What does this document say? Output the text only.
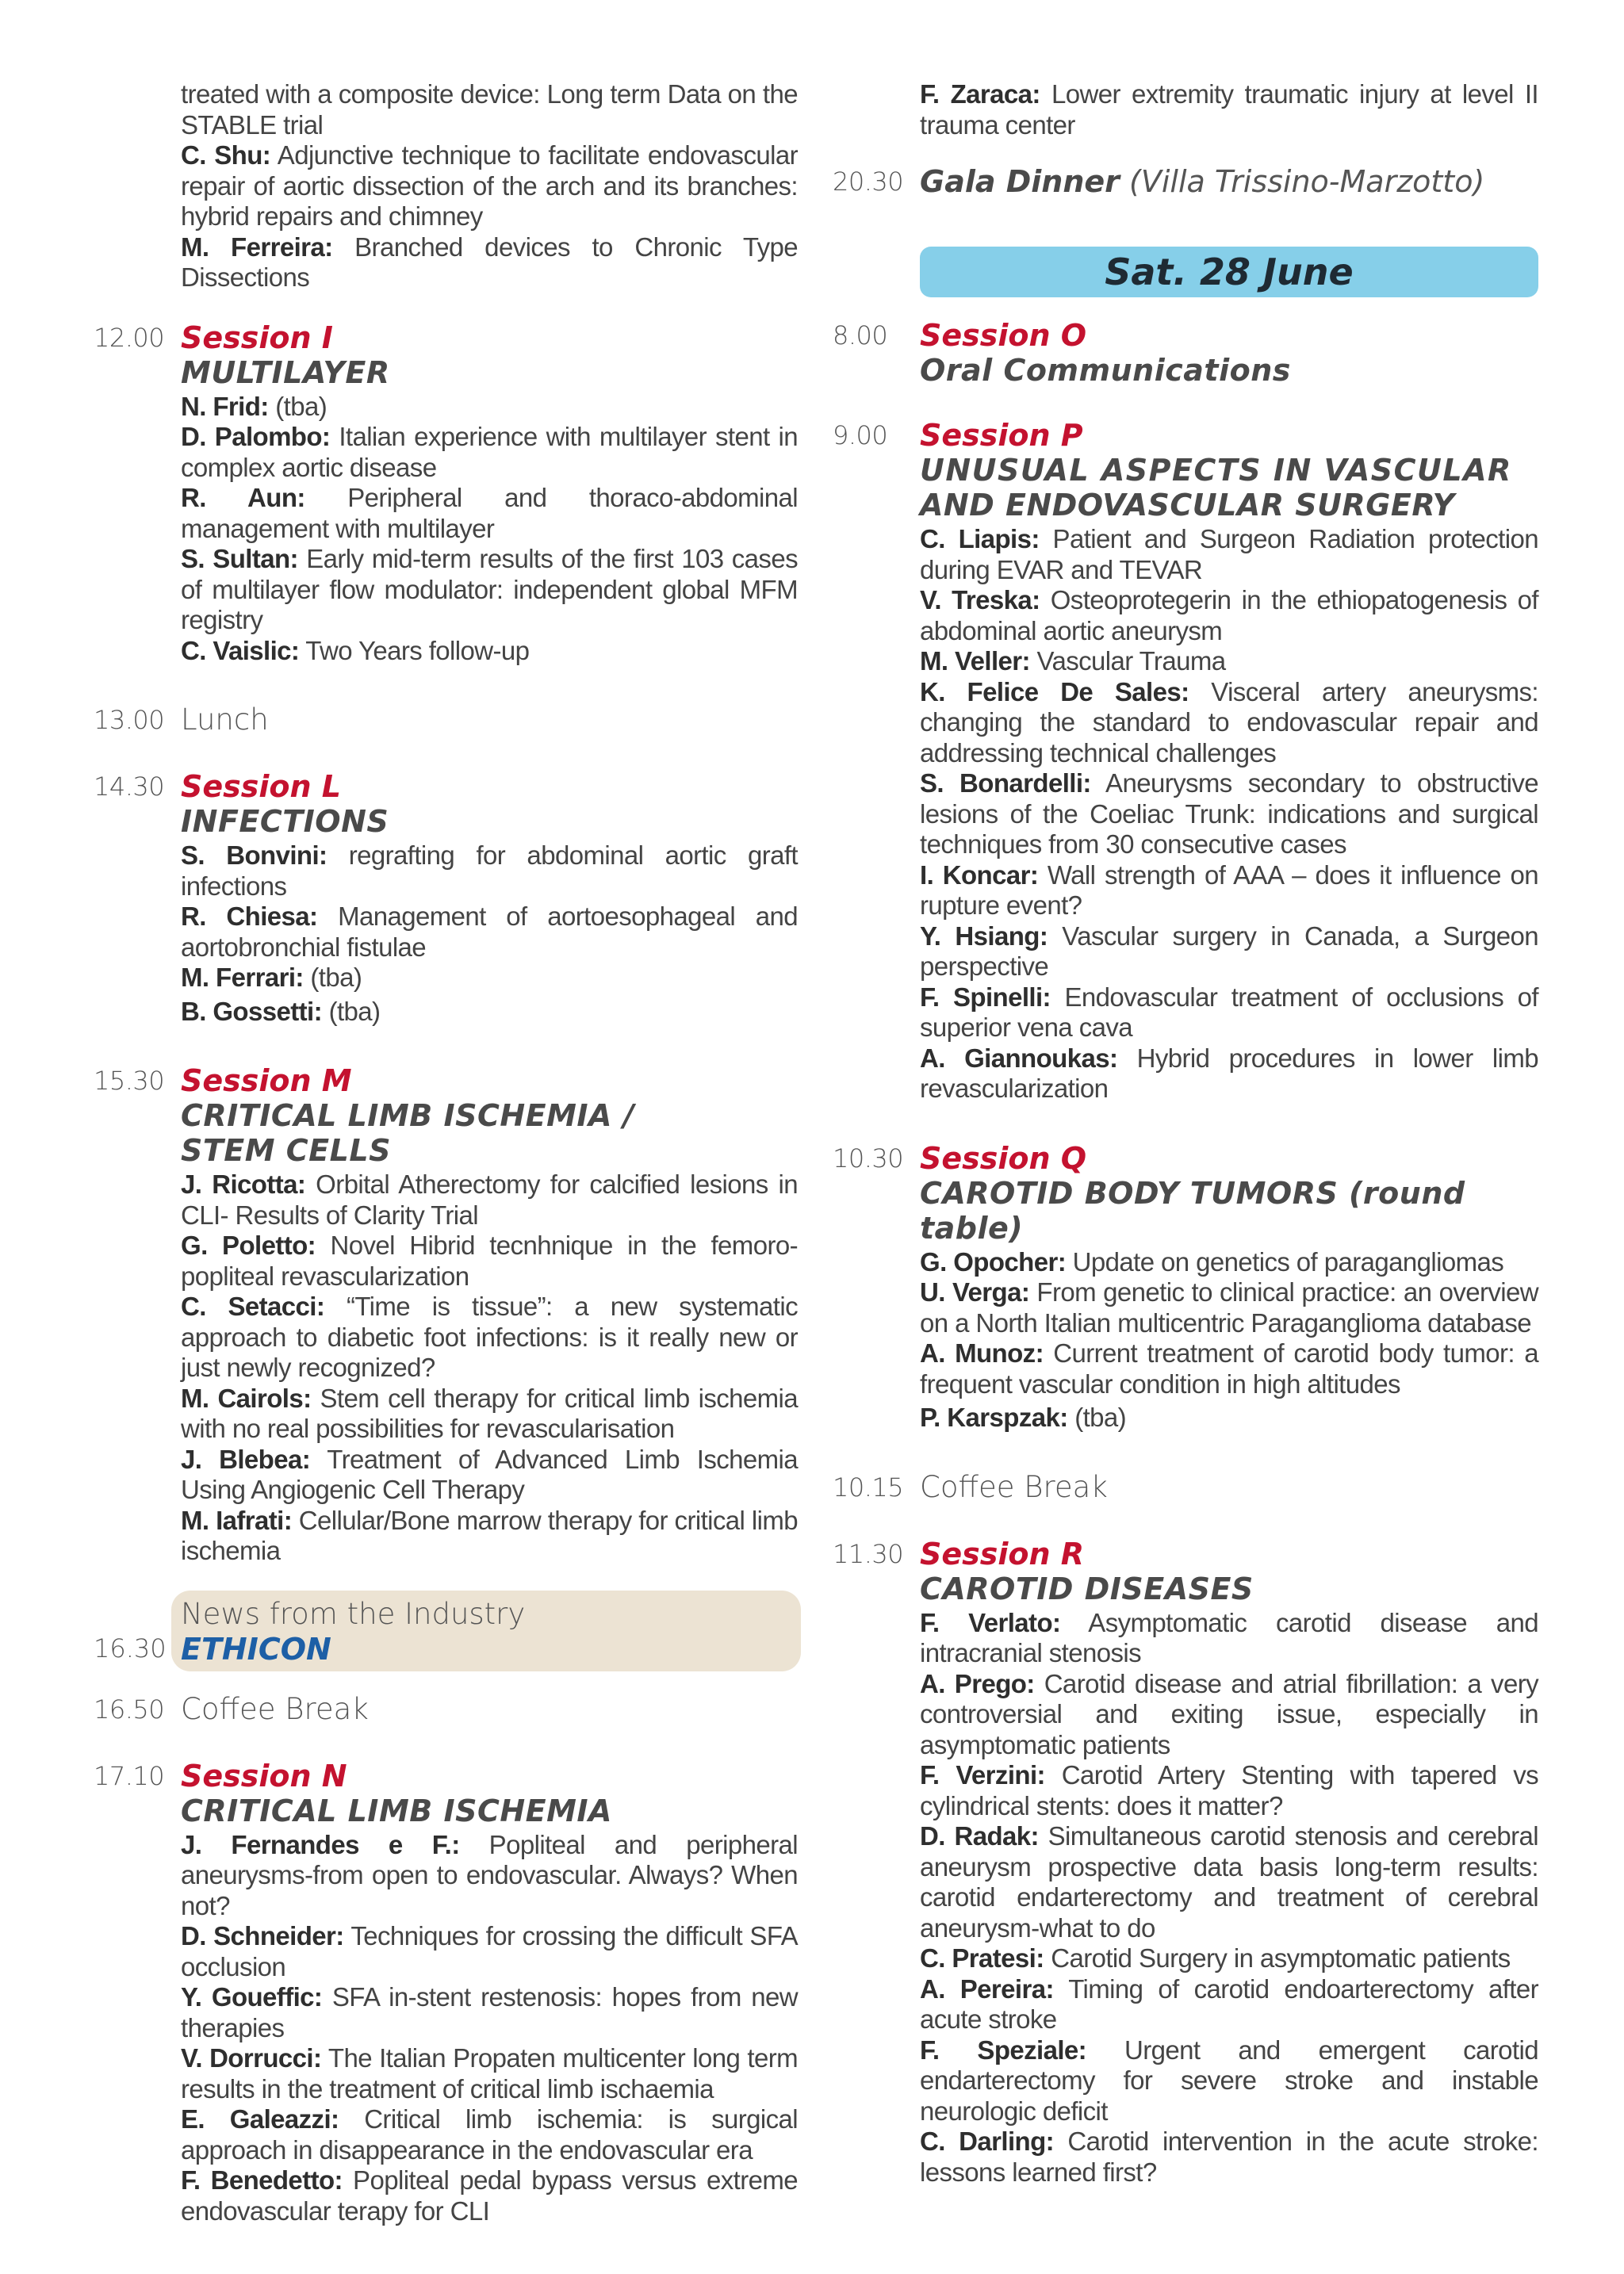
treated with a composite device: Long term Data on the STABLE trial
C. Shu: Adjunctive technique to facilitate endovascular repair of aortic dissection of the arch and its branches: hybrid repairs and chimney
M. Ferreira: Branched devices to Chronic Type Dissections
12.00 Session I
MULTILAYER
N. Frid: (tba)
D. Palombo: Italian experience with multilayer stent in complex aortic disease
R. Aun: Peripheral and thoraco-abdominal management with multilayer
S. Sultan: Early mid-term results of the first 103 cases of multilayer flow modulator: independent global MFM registry
C. Vaislic: Two Years follow-up
13.00 Lunch
14.30 Session L
INFECTIONS
S. Bonvini: regrafting for abdominal aortic graft infections
R. Chiesa: Management of aortoesophageal and aortobronchial fistulae
M. Ferrari: (tba)
B. Gossetti: (tba)
15.30 Session M
CRITICAL LIMB ISCHEMIA /
STEM CELLS
J. Ricotta: Orbital Atherectomy for calcified lesions in CLI- Results of Clarity Trial
G. Poletto: Novel Hibrid tecnhnique in the femoro-popliteal revascularization
C. Setacci: “Time is tissue”: a new systematic approach to diabetic foot infections: is it really new or just newly recognized?
M. Cairols: Stem cell therapy for critical limb ischemia with no real possibilities for revascularisation
J. Blebea: Treatment of Advanced Limb Ischemia Using Angiogenic Cell Therapy
M. Iafrati: Cellular/Bone marrow therapy for critical limb ischemia
16.30
News from the Industry
ETHICON
16.50 Coffee Break
17.10 Session N
CRITICAL LIMB ISCHEMIA
J. Fernandes e F.: Popliteal and peripheral aneurysms-from open to endovascular. Always? When not?
D. Schneider: Techniques for crossing the difficult SFA occlusion
Y. Goueffic: SFA in-stent restenosis: hopes from new therapies
V. Dorrucci: The Italian Propaten multicenter long term results in the treatment of critical limb ischaemia
E. Galeazzi: Critical limb ischemia: is surgical approach in disappearance in the endovascular era
F. Benedetto: Popliteal pedal bypass versus extreme endovascular terapy for CLI
F. Zaraca: Lower extremity traumatic injury at level II trauma center
20.30 Gala Dinner (Villa Trissino-Marzotto)
Sat. 28 June
8.00	Session O
Oral Communications
9.00	Session P
UNUSUAL ASPECTS IN VASCULAR
AND ENDOVASCULAR SURGERY
C. Liapis: Patient and Surgeon Radiation protection during EVAR and TEVAR
V. Treska: Osteoprotegerin in the ethiopatogenesis of abdominal aortic aneurysm
M. Veller: Vascular Trauma
K. Felice De Sales: Visceral artery aneurysms: changing the standard to endovascular repair and addressing technical challenges
S. Bonardelli: Aneurysms secondary to obstructive lesions of the Coeliac Trunk: indications and surgical techniques from 30 consecutive cases
I. Koncar: Wall strength of AAA – does it influence on rupture event?
Y. Hsiang: Vascular surgery in Canada, a Surgeon perspective
F. Spinelli: Endovascular treatment of occlusions of superior vena cava
A. Giannoukas: Hybrid procedures in lower limb revascularization
10.30 Session Q
CAROTID BODY TUMORS (round table)
G. Opocher: Update on genetics of paragangliomas
U. Verga: From genetic to clinical practice: an overview on a North Italian multicentric Paraganglioma database
A. Munoz: Current treatment of carotid body tumor: a frequent vascular condition in high altitudes
P. Karspzak: (tba)
10.15 Coffee Break
11.30 Session R
CAROTID DISEASES
F. Verlato: Asymptomatic carotid disease and intracranial stenosis
A. Prego: Carotid disease and atrial fibrillation: a very controversial and exiting issue, especially in asymptomatic patients
F. Verzini: Carotid Artery Stenting with tapered vs cylindrical stents: does it matter?
D. Radak: Simultaneous carotid stenosis and cerebral aneurysm prospective data basis long-term results: carotid endarterectomy and treatment of cerebral aneurysm-what to do
C. Pratesi: Carotid Surgery in asymptomatic patients
A. Pereira: Timing of carotid endoarterectomy after acute stroke
F. Speziale: Urgent and emergent carotid endarterectomy for severe stroke and instable neurologic deficit
C. Darling: Carotid intervention in the acute stroke: lessons learned first?
